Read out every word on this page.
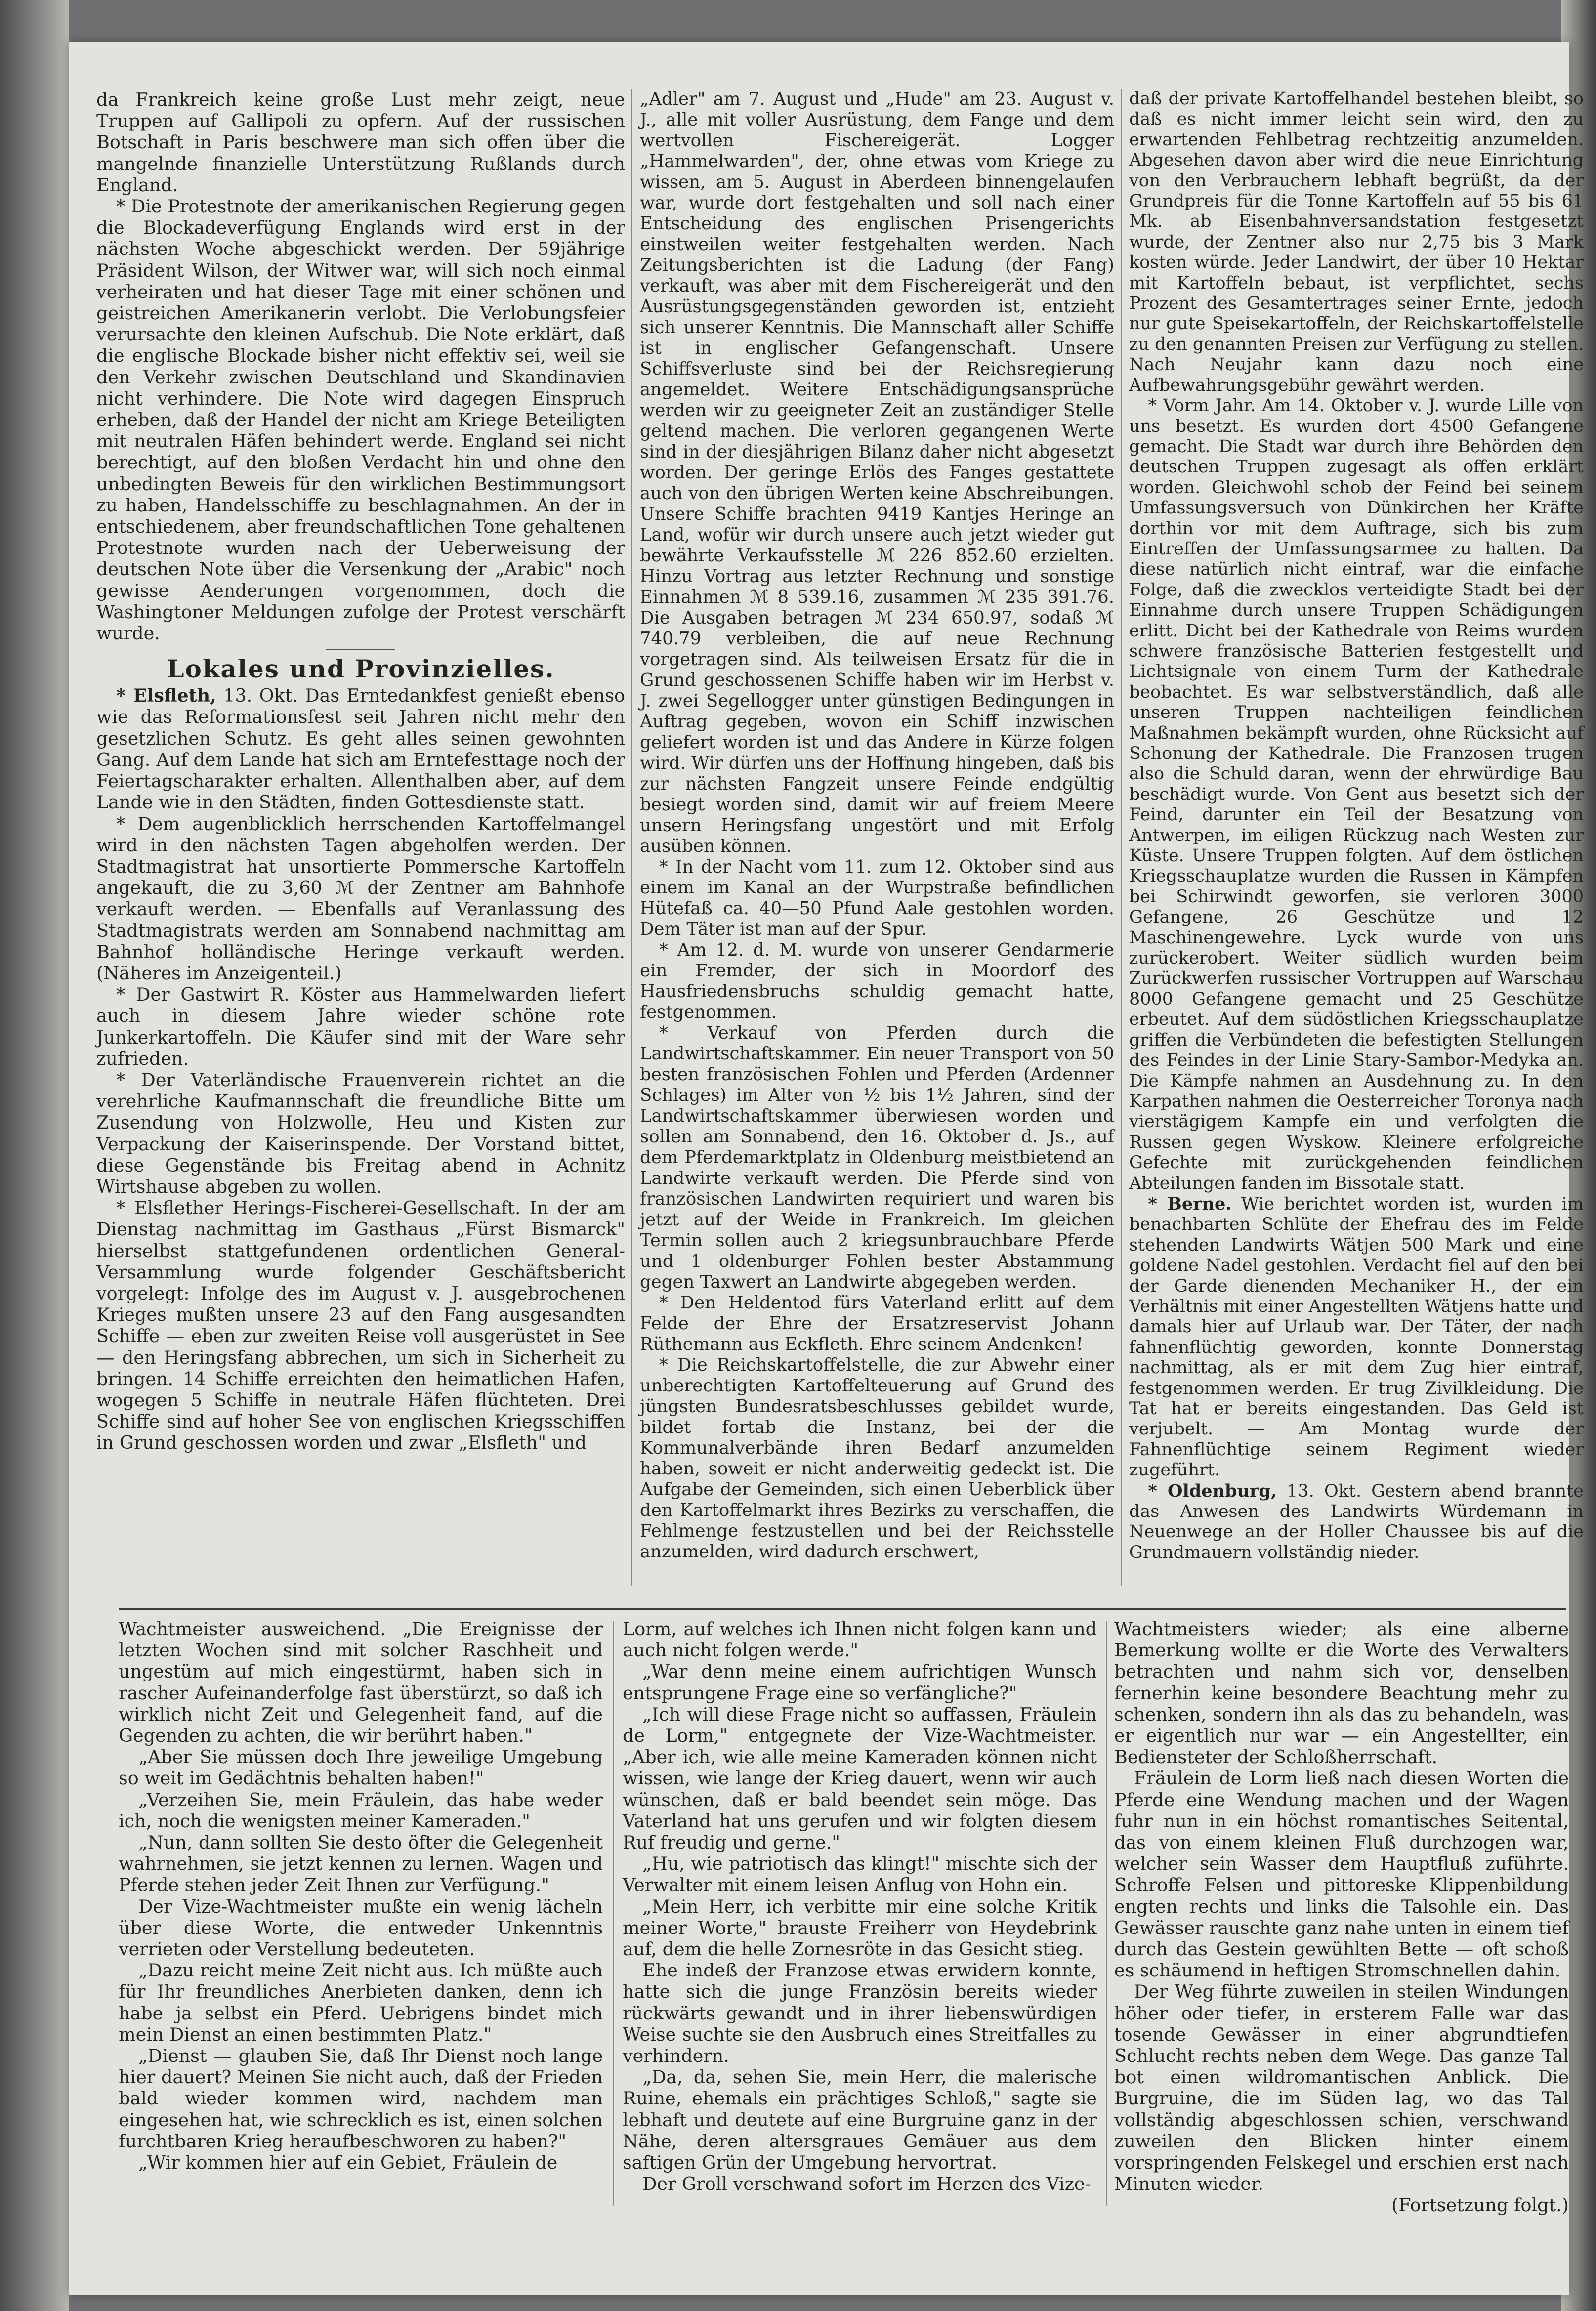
da Frankreich keine große Lust mehr zeigt, neue Truppen auf Gallipoli zu opfern. Auf der russischen Botschaft in Paris beschwere man sich offen über die mangelnde finanzielle Unterstützung Rußlands durch England.

* Die Protestnote der amerikanischen Regierung gegen die Blockadeverfügung Englands wird erst in der nächsten Woche abgeschickt werden. Der 59jährige Präsident Wilson, der Witwer war, will sich noch einmal verheiraten und hat dieser Tage mit einer schönen und geistreichen Amerikanerin verlobt. Die Verlobungsfeier verursachte den kleinen Aufschub. Die Note erklärt, daß die englische Blockade bisher nicht effektiv sei, weil sie den Verkehr zwischen Deutschland und Skandinavien nicht verhindere. Die Note wird dagegen Einspruch erheben, daß der Handel der nicht am Kriege Beteiligten mit neutralen Häfen behindert werde. England sei nicht berechtigt, auf den bloßen Verdacht hin und ohne den unbedingten Beweis für den wirklichen Bestimmungsort zu haben, Handelsschiffe zu beschlagnahmen. An der in entschiedenem, aber freundschaftlichen Tone gehaltenen Protestnote wurden nach der Ueberweisung der deutschen Note über die Versenkung der „Arabic" noch gewisse Aenderungen vorgenommen, doch die Washingtoner Meldungen zufolge der Protest verschärft wurde.

Lokales und Provinzielles.

* Elsfleth, 13. Okt. Das Erntedankfest genießt ebenso wie das Reformationsfest seit Jahren nicht mehr den gesetzlichen Schutz. Es geht alles seinen gewohnten Gang. Auf dem Lande hat sich am Erntefesttage noch der Feiertagscharakter erhalten. Allenthalben aber, auf dem Lande wie in den Städten, finden Gottesdienste statt.

* Dem augenblicklich herrschenden Kartoffelmangel wird in den nächsten Tagen abgeholfen werden. Der Stadtmagistrat hat unsortierte Pommersche Kartoffeln angekauft, die zu 3,60 ℳ der Zentner am Bahnhofe verkauft werden. — Ebenfalls auf Veranlassung des Stadtmagistrats werden am Sonnabend nachmittag am Bahnhof holländische Heringe verkauft werden. (Näheres im Anzeigenteil.)

* Der Gastwirt R. Köster aus Hammelwarden liefert auch in diesem Jahre wieder schöne rote Junkerkartoffeln. Die Käufer sind mit der Ware sehr zufrieden.

* Der Vaterländische Frauenverein richtet an die verehrliche Kaufmannschaft die freundliche Bitte um Zusendung von Holzwolle, Heu und Kisten zur Verpackung der Kaiserinspende. Der Vorstand bittet, diese Gegenstände bis Freitag abend in Achnitz Wirtshause abgeben zu wollen.

* Elsflether Herings-Fischerei-Gesellschaft. In der am Dienstag nachmittag im Gasthaus „Fürst Bismarck" hierselbst stattgefundenen ordentlichen General-Versammlung wurde folgender Geschäftsbericht vorgelegt: Infolge des im August v. J. ausgebrochenen Krieges mußten unsere 23 auf den Fang ausgesandten Schiffe — eben zur zweiten Reise voll ausgerüstet in See — den Heringsfang abbrechen, um sich in Sicherheit zu bringen. 14 Schiffe erreichten den heimatlichen Hafen, wogegen 5 Schiffe in neutrale Häfen flüchteten. Drei Schiffe sind auf hoher See von englischen Kriegsschiffen in Grund geschossen worden und zwar „Elsfleth" und

„Adler" am 7. August und „Hude" am 23. August v. J., alle mit voller Ausrüstung, dem Fange und dem wertvollen Fischereigerät. Logger „Hammelwarden", der, ohne etwas vom Kriege zu wissen, am 5. August in Aberdeen binnengelaufen war, wurde dort festgehalten und soll nach einer Entscheidung des englischen Prisengerichts einstweilen weiter festgehalten werden. Nach Zeitungsberichten ist die Ladung (der Fang) verkauft, was aber mit dem Fischereigerät und den Ausrüstungsgegenständen geworden ist, entzieht sich unserer Kenntnis. Die Mannschaft aller Schiffe ist in englischer Gefangenschaft. Unsere Schiffsverluste sind bei der Reichsregierung angemeldet. Weitere Entschädigungsansprüche werden wir zu geeigneter Zeit an zuständiger Stelle geltend machen. Die verloren gegangenen Werte sind in der diesjährigen Bilanz daher nicht abgesetzt worden. Der geringe Erlös des Fanges gestattete auch von den übrigen Werten keine Abschreibungen. Unsere Schiffe brachten 9419 Kantjes Heringe an Land, wofür wir durch unsere auch jetzt wieder gut bewährte Verkaufsstelle ℳ 226 852.60 erzielten. Hinzu Vortrag aus letzter Rechnung und sonstige Einnahmen ℳ 8 539.16, zusammen ℳ 235 391.76. Die Ausgaben betragen ℳ 234 650.97, sodaß ℳ 740.79 verbleiben, die auf neue Rechnung vorgetragen sind. Als teilweisen Ersatz für die in Grund geschossenen Schiffe haben wir im Herbst v. J. zwei Segellogger unter günstigen Bedingungen in Auftrag gegeben, wovon ein Schiff inzwischen geliefert worden ist und das Andere in Kürze folgen wird. Wir dürfen uns der Hoffnung hingeben, daß bis zur nächsten Fangzeit unsere Feinde endgültig besiegt worden sind, damit wir auf freiem Meere unsern Heringsfang ungestört und mit Erfolg ausüben können.

* In der Nacht vom 11. zum 12. Oktober sind aus einem im Kanal an der Wurpstraße befindlichen Hütefaß ca. 40—50 Pfund Aale gestohlen worden. Dem Täter ist man auf der Spur.

* Am 12. d. M. wurde von unserer Gendarmerie ein Fremder, der sich in Moordorf des Hausfriedensbruchs schuldig gemacht hatte, festgenommen.

* Verkauf von Pferden durch die Landwirtschaftskammer. Ein neuer Transport von 50 besten französischen Fohlen und Pferden (Ardenner Schlages) im Alter von ½ bis 1½ Jahren, sind der Landwirtschaftskammer überwiesen worden und sollen am Sonnabend, den 16. Oktober d. Js., auf dem Pferdemarktplatz in Oldenburg meistbietend an Landwirte verkauft werden. Die Pferde sind von französischen Landwirten requiriert und waren bis jetzt auf der Weide in Frankreich. Im gleichen Termin sollen auch 2 kriegsunbrauchbare Pferde und 1 oldenburger Fohlen bester Abstammung gegen Taxwert an Landwirte abgegeben werden.

* Den Heldentod fürs Vaterland erlitt auf dem Felde der Ehre der Ersatzreservist Johann Rüthemann aus Eckfleth. Ehre seinem Andenken!

* Die Reichskartoffelstelle, die zur Abwehr einer unberechtigten Kartoffelteuerung auf Grund des jüngsten Bundesratsbeschlusses gebildet wurde, bildet fortab die Instanz, bei der die Kommunalverbände ihren Bedarf anzumelden haben, soweit er nicht anderweitig gedeckt ist. Die Aufgabe der Gemeinden, sich einen Ueberblick über den Kartoffelmarkt ihres Bezirks zu verschaffen, die Fehlmenge festzustellen und bei der Reichsstelle anzumelden, wird dadurch erschwert,

daß der private Kartoffelhandel bestehen bleibt, so daß es nicht immer leicht sein wird, den zu erwartenden Fehlbetrag rechtzeitig anzumelden. Abgesehen davon aber wird die neue Einrichtung von den Verbrauchern lebhaft begrüßt, da der Grundpreis für die Tonne Kartoffeln auf 55 bis 61 Mk. ab Eisenbahnversandstation festgesetzt wurde, der Zentner also nur 2,75 bis 3 Mark kosten würde. Jeder Landwirt, der über 10 Hektar mit Kartoffeln bebaut, ist verpflichtet, sechs Prozent des Gesamtertrages seiner Ernte, jedoch nur gute Speisekartoffeln, der Reichskartoffelstelle zu den genannten Preisen zur Verfügung zu stellen. Nach Neujahr kann dazu noch eine Aufbewahrungsgebühr gewährt werden.

* Vorm Jahr. Am 14. Oktober v. J. wurde Lille von uns besetzt. Es wurden dort 4500 Gefangene gemacht. Die Stadt war durch ihre Behörden den deutschen Truppen zugesagt als offen erklärt worden. Gleichwohl schob der Feind bei seinem Umfassungsversuch von Dünkirchen her Kräfte dorthin vor mit dem Auftrage, sich bis zum Eintreffen der Umfassungsarmee zu halten. Da diese natürlich nicht eintraf, war die einfache Folge, daß die zwecklos verteidigte Stadt bei der Einnahme durch unsere Truppen Schädigungen erlitt. Dicht bei der Kathedrale von Reims wurden schwere französische Batterien festgestellt und Lichtsignale von einem Turm der Kathedrale beobachtet. Es war selbstverständlich, daß alle unseren Truppen nachteiligen feindlichen Maßnahmen bekämpft wurden, ohne Rücksicht auf Schonung der Kathedrale. Die Franzosen trugen also die Schuld daran, wenn der ehrwürdige Bau beschädigt wurde. Von Gent aus besetzt sich der Feind, darunter ein Teil der Besatzung von Antwerpen, im eiligen Rückzug nach Westen zur Küste. Unsere Truppen folgten. Auf dem östlichen Kriegsschauplatze wurden die Russen in Kämpfen bei Schirwindt geworfen, sie verloren 3000 Gefangene, 26 Geschütze und 12 Maschinengewehre. Lyck wurde von uns zurückerobert. Weiter südlich wurden beim Zurückwerfen russischer Vortruppen auf Warschau 8000 Gefangene gemacht und 25 Geschütze erbeutet. Auf dem südöstlichen Kriegsschauplatze griffen die Verbündeten die befestigten Stellungen des Feindes in der Linie Stary-Sambor-Medyka an. Die Kämpfe nahmen an Ausdehnung zu. In den Karpathen nahmen die Oesterreicher Toronya nach vierstägigem Kampfe ein und verfolgten die Russen gegen Wyskow. Kleinere erfolgreiche Gefechte mit zurückgehenden feindlichen Abteilungen fanden im Bissotale statt.

* Berne. Wie berichtet worden ist, wurden im benachbarten Schlüte der Ehefrau des im Felde stehenden Landwirts Wätjen 500 Mark und eine goldene Nadel gestohlen. Verdacht fiel auf den bei der Garde dienenden Mechaniker H., der ein Verhältnis mit einer Angestellten Wätjens hatte und damals hier auf Urlaub war. Der Täter, der nach fahnenflüchtig geworden, konnte Donnerstag nachmittag, als er mit dem Zug hier eintraf, festgenommen werden. Er trug Zivilkleidung. Die Tat hat er bereits eingestanden. Das Geld ist verjubelt. — Am Montag wurde der Fahnenflüchtige seinem Regiment wieder zugeführt.

* Oldenburg, 13. Okt. Gestern abend brannte das Anwesen des Landwirts Würdemann in Neuenwege an der Holler Chaussee bis auf die Grundmauern vollständig nieder.

Wachtmeister ausweichend. „Die Ereignisse der letzten Wochen sind mit solcher Raschheit und ungestüm auf mich eingestürmt, haben sich in rascher Aufeinanderfolge fast überstürzt, so daß ich wirklich nicht Zeit und Gelegenheit fand, auf die Gegenden zu achten, die wir berührt haben."

„Aber Sie müssen doch Ihre jeweilige Umgebung so weit im Gedächtnis behalten haben!"

„Verzeihen Sie, mein Fräulein, das habe weder ich, noch die wenigsten meiner Kameraden."

„Nun, dann sollten Sie desto öfter die Gelegenheit wahrnehmen, sie jetzt kennen zu lernen. Wagen und Pferde stehen jeder Zeit Ihnen zur Verfügung."

Der Vize-Wachtmeister mußte ein wenig lächeln über diese Worte, die entweder Unkenntnis verrieten oder Verstellung bedeuteten.

„Dazu reicht meine Zeit nicht aus. Ich müßte auch für Ihr freundliches Anerbieten danken, denn ich habe ja selbst ein Pferd. Uebrigens bindet mich mein Dienst an einen bestimmten Platz."

„Dienst — glauben Sie, daß Ihr Dienst noch lange hier dauert? Meinen Sie nicht auch, daß der Frieden bald wieder kommen wird, nachdem man eingesehen hat, wie schrecklich es ist, einen solchen furchtbaren Krieg heraufbeschworen zu haben?"

„Wir kommen hier auf ein Gebiet, Fräulein de

Lorm, auf welches ich Ihnen nicht folgen kann und auch nicht folgen werde."

„War denn meine einem aufrichtigen Wunsch entsprungene Frage eine so verfängliche?"

„Ich will diese Frage nicht so auffassen, Fräulein de Lorm," entgegnete der Vize-Wachtmeister. „Aber ich, wie alle meine Kameraden können nicht wissen, wie lange der Krieg dauert, wenn wir auch wünschen, daß er bald beendet sein möge. Das Vaterland hat uns gerufen und wir folgten diesem Ruf freudig und gerne."

„Hu, wie patriotisch das klingt!" mischte sich der Verwalter mit einem leisen Anflug von Hohn ein.

„Mein Herr, ich verbitte mir eine solche Kritik meiner Worte," brauste Freiherr von Heydebrink auf, dem die helle Zornesröte in das Gesicht stieg.

Ehe indeß der Franzose etwas erwidern konnte, hatte sich die junge Französin bereits wieder rückwärts gewandt und in ihrer liebenswürdigen Weise suchte sie den Ausbruch eines Streitfalles zu verhindern.

„Da, da, sehen Sie, mein Herr, die malerische Ruine, ehemals ein prächtiges Schloß," sagte sie lebhaft und deutete auf eine Burgruine ganz in der Nähe, deren altersgraues Gemäuer aus dem saftigen Grün der Umgebung hervortrat.

Der Groll verschwand sofort im Herzen des Vize-

Wachtmeisters wieder; als eine alberne Bemerkung wollte er die Worte des Verwalters betrachten und nahm sich vor, denselben fernerhin keine besondere Beachtung mehr zu schenken, sondern ihn als das zu behandeln, was er eigentlich nur war — ein Angestellter, ein Bediensteter der Schloßherrschaft.

Fräulein de Lorm ließ nach diesen Worten die Pferde eine Wendung machen und der Wagen fuhr nun in ein höchst romantisches Seitental, das von einem kleinen Fluß durchzogen war, welcher sein Wasser dem Hauptfluß zuführte. Schroffe Felsen und pittoreske Klippenbildung engten rechts und links die Talsohle ein. Das Gewässer rauschte ganz nahe unten in einem tief durch das Gestein gewühlten Bette — oft schoß es schäumend in heftigen Stromschnellen dahin.

Der Weg führte zuweilen in steilen Windungen höher oder tiefer, in ersterem Falle war das tosende Gewässer in einer abgrundtiefen Schlucht rechts neben dem Wege. Das ganze Tal bot einen wildromantischen Anblick. Die Burgruine, die im Süden lag, wo das Tal vollständig abgeschlossen schien, verschwand zuweilen den Blicken hinter einem vorspringenden Felskegel und erschien erst nach Minuten wieder.

(Fortsetzung folgt.)
